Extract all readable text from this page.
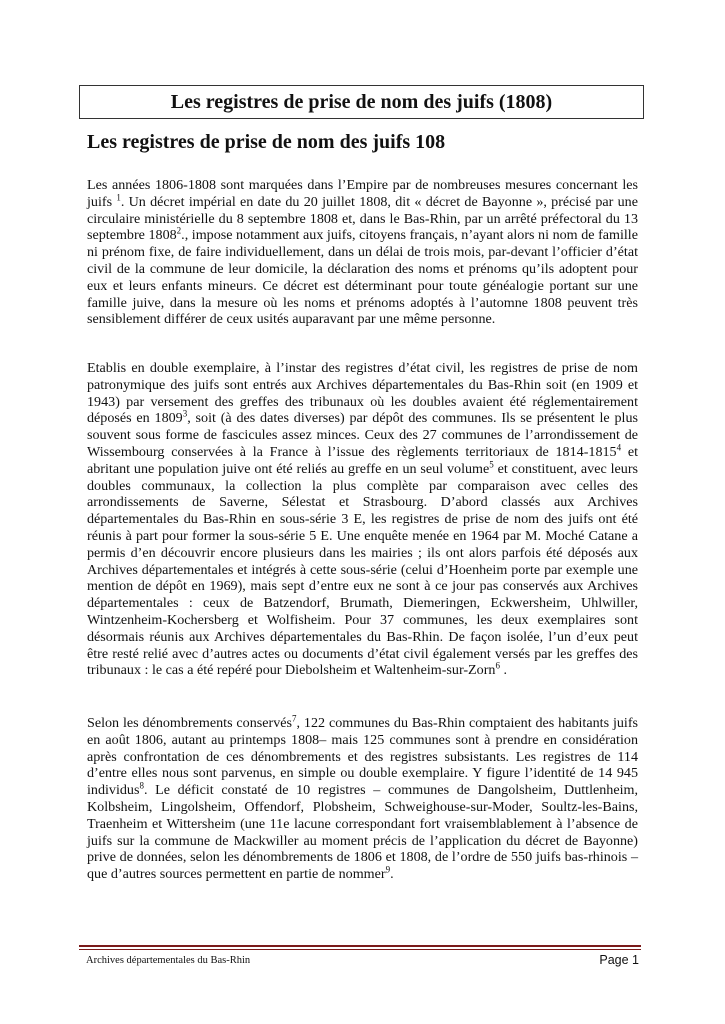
Les registres de prise de nom des juifs (1808)
Les registres de prise de nom des juifs 108

Les années 1806-1808 sont marquées dans l’Empire par de nombreuses mesures concernant les juifs $^1$. Un décret impérial en date du 20 juillet 1808, dit « décret de Bayonne », précisé par une circulaire ministérielle du 8 septembre 1808 et, dans le Bas-Rhin, par un arrêté préfectoral du 13 septembre 1808$^2$., impose notamment aux juifs, citoyens français, n’ayant alors ni nom de famille ni prénom fixe, de faire individuellement, dans un délai de trois mois, par-devant l’officier d’état civil de la commune de leur domicile, la déclaration des noms et prénoms qu’ils adoptent pour eux et leurs enfants mineurs. Ce décret est déterminant pour toute généalogie portant sur une famille juive, dans la mesure où les noms et prénoms adoptés à l’automne 1808 peuvent très sensiblement différer de ceux usités auparavant par une même personne.

Etablis en double exemplaire, à l’instar des registres d’état civil, les registres de prise de nom patronymique des juifs sont entrés aux Archives départementales du Bas-Rhin soit (en 1909 et 1943) par versement des greffes des tribunaux où les doubles avaient été réglementairement déposés en 1809$^3$, soit (à des dates diverses) par dépôt des communes. Ils se présentent le plus souvent sous forme de fascicules assez minces. Ceux des 27 communes de l’arrondissement de Wissembourg conservées à la France à l’issue des règlements territoriaux de 1814-1815$^4$ et abritant une population juive ont été reliés au greffe en un seul volume$^5$ et constituent, avec leurs doubles communaux, la collection la plus complète par comparaison avec celles des arrondissements de Saverne, Sélestat et Strasbourg. D’abord classés aux Archives départementales du Bas-Rhin en sous-série 3 E, les registres de prise de nom des juifs ont été réunis à part pour former la sous-série 5 E. Une enquête menée en 1964 par M. Moché Catane a permis d’en découvrir encore plusieurs dans les mairies ; ils ont alors parfois été déposés aux Archives départementales et intégrés à cette sous-série (celui d’Hoenheim porte par exemple une mention de dépôt en 1969), mais sept d’entre eux ne sont à ce jour pas conservés aux Archives départementales : ceux de Batzendorf, Brumath, Diemeringen, Eckwersheim, Uhlwiller, Wintzenheim-Kochersberg et Wolfisheim. Pour 37 communes, les deux exemplaires sont désormais réunis aux Archives départementales du Bas-Rhin. De façon isolée, l’un d’eux peut être resté relié avec d’autres actes ou documents d’état civil également versés par les greffes des tribunaux : le cas a été repéré pour Diebolsheim et Waltenheim-sur-Zorn$^6$ .

Selon les dénombrements conservés$^7$, 122 communes du Bas-Rhin comptaient des habitants juifs en août 1806, autant au printemps 1808– mais 125 communes sont à prendre en considération après confrontation de ces dénombrements et des registres subsistants. Les registres de 114 d’entre elles nous sont parvenus, en simple ou double exemplaire. Y figure l’identité de 14 945 individus$^8$. Le déficit constaté de 10 registres – communes de Dangolsheim, Duttlenheim, Kolbsheim, Lingolsheim, Offendorf, Plobsheim, Schweighouse-sur-Moder, Soultz-les-Bains, Traenheim et Wittersheim (une 11e lacune correspondant fort vraisemblablement à l’absence de juifs sur la commune de Mackwiller au moment précis de l’application du décret de Bayonne) prive de données, selon les dénombrements de 1806 et 1808, de l’ordre de 550 juifs bas-rhinois – que d’autres sources permettent en partie de nommer$^9$.

Archives départementales du Bas-Rhin	Page 1
